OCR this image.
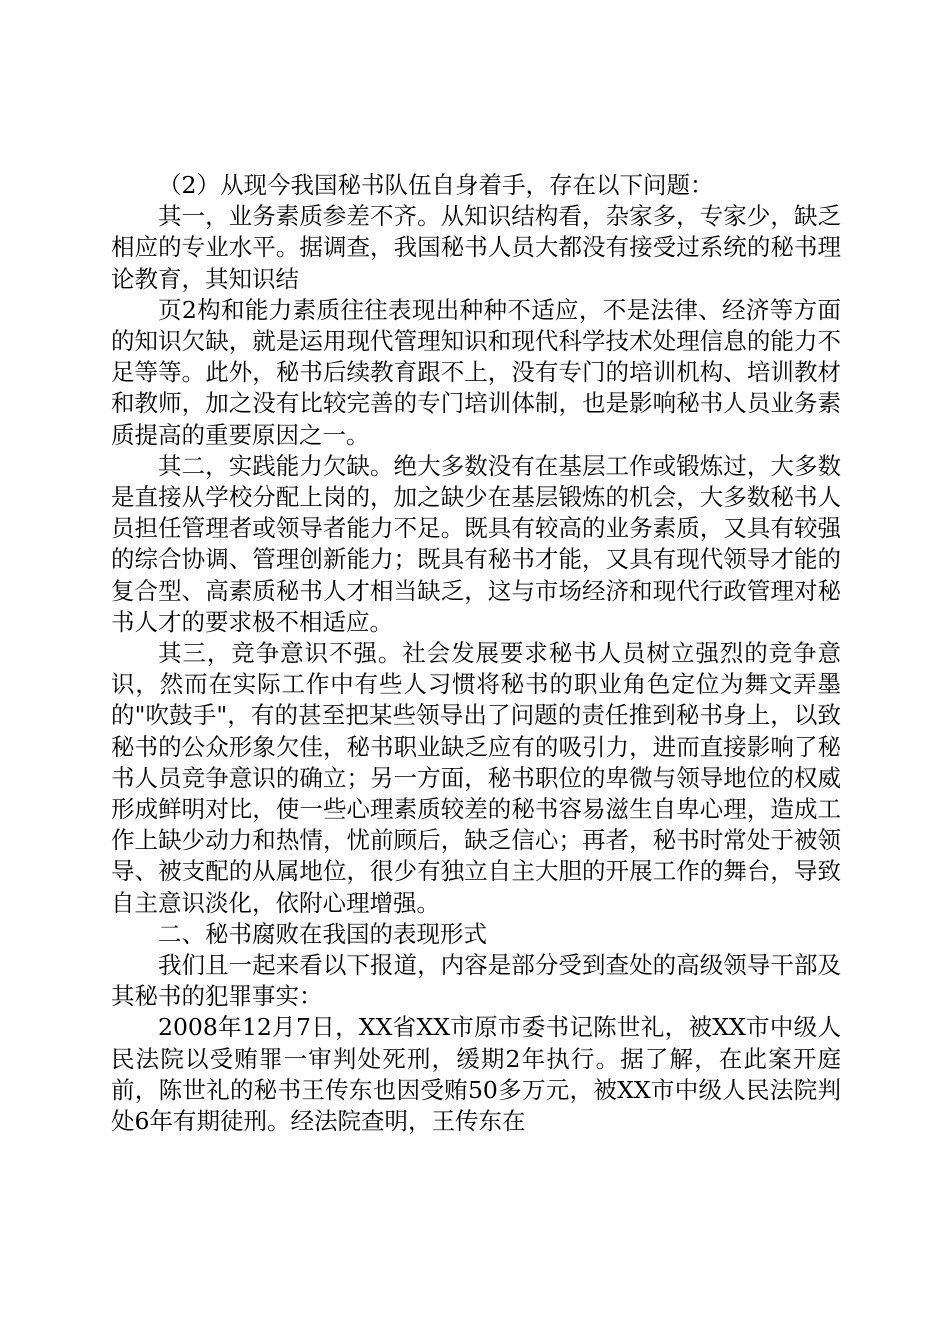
（2）从现今我国秘书队伍自身着手，存在以下问题：

其一，业务素质参差不齐。从知识结构看，杂家多，专家少，缺乏相应的专业水平。据调查，我国秘书人员大都没有接受过系统的秘书理论教育，其知识结

页2构和能力素质往往表现出种种不适应，不是法律、经济等方面的知识欠缺，就是运用现代管理知识和现代科学技术处理信息的能力不足等等。此外，秘书后续教育跟不上，没有专门的培训机构、培训教材和教师，加之没有比较完善的专门培训体制，也是影响秘书人员业务素质提高的重要原因之一。

其二，实践能力欠缺。绝大多数没有在基层工作或锻炼过，大多数是直接从学校分配上岗的，加之缺少在基层锻炼的机会，大多数秘书人员担任管理者或领导者能力不足。既具有较高的业务素质，又具有较强的综合协调、管理创新能力；既具有秘书才能，又具有现代领导才能的复合型、高素质秘书人才相当缺乏，这与市场经济和现代行政管理对秘书人才的要求极不相适应。

其三，竞争意识不强。社会发展要求秘书人员树立强烈的竞争意识，然而在实际工作中有些人习惯将秘书的职业角色定位为舞文弄墨的"吹鼓手"，有的甚至把某些领导出了问题的责任推到秘书身上，以致秘书的公众形象欠佳，秘书职业缺乏应有的吸引力，进而直接影响了秘书人员竞争意识的确立；另一方面，秘书职位的卑微与领导地位的权威形成鲜明对比，使一些心理素质较差的秘书容易滋生自卑心理，造成工作上缺少动力和热情，忧前顾后，缺乏信心；再者，秘书时常处于被领导、被支配的从属地位，很少有独立自主大胆的开展工作的舞台，导致自主意识淡化，依附心理增强。

二、秘书腐败在我国的表现形式

我们且一起来看以下报道，内容是部分受到查处的高级领导干部及其秘书的犯罪事实：

2008年12月7日，XX省XX市原市委书记陈世礼，被XX市中级人民法院以受贿罪一审判处死刑，缓期2年执行。据了解，在此案开庭前，陈世礼的秘书王传东也因受贿50多万元，被XX市中级人民法院判处6年有期徒刑。经法院查明，王传东在
